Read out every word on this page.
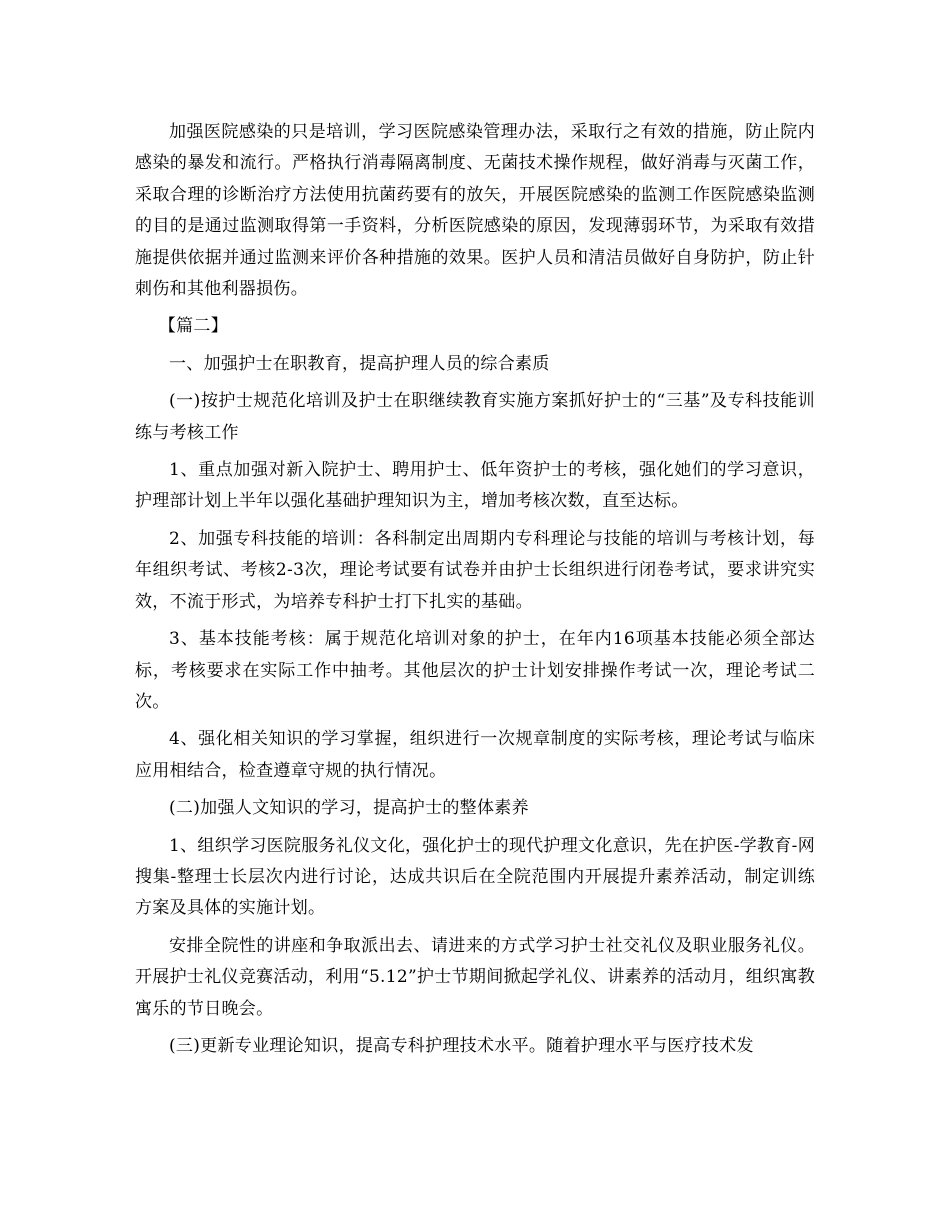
加强医院感染的只是培训，学习医院感染管理办法，采取行之有效的措施，防止院内感染的暴发和流行。严格执行消毒隔离制度、无菌技术操作规程，做好消毒与灭菌工作，采取合理的诊断治疗方法使用抗菌药要有的放矢，开展医院感染的监测工作医院感染监测的目的是通过监测取得第一手资料，分析医院感染的原因，发现薄弱环节，为采取有效措施提供依据并通过监测来评价各种措施的效果。医护人员和清洁员做好自身防护，防止针刺伤和其他利器损伤。

【篇二】

一、加强护士在职教育，提高护理人员的综合素质

(一)按护士规范化培训及护士在职继续教育实施方案抓好护士的“三基”及专科技能训练与考核工作

1、重点加强对新入院护士、聘用护士、低年资护士的考核，强化她们的学习意识，护理部计划上半年以强化基础护理知识为主，增加考核次数，直至达标。

2、加强专科技能的培训：各科制定出周期内专科理论与技能的培训与考核计划，每年组织考试、考核2-3次，理论考试要有试卷并由护士长组织进行闭卷考试，要求讲究实效，不流于形式，为培养专科护士打下扎实的基础。

3、基本技能考核：属于规范化培训对象的护士，在年内16项基本技能必须全部达标，考核要求在实际工作中抽考。其他层次的护士计划安排操作考试一次，理论考试二次。

4、强化相关知识的学习掌握，组织进行一次规章制度的实际考核，理论考试与临床应用相结合，检查遵章守规的执行情况。

(二)加强人文知识的学习，提高护士的整体素养

1、组织学习医院服务礼仪文化，强化护士的现代护理文化意识，先在护医-学教育-网搜集-整理士长层次内进行讨论，达成共识后在全院范围内开展提升素养活动，制定训练方案及具体的实施计划。

安排全院性的讲座和争取派出去、请进来的方式学习护士社交礼仪及职业服务礼仪。开展护士礼仪竞赛活动，利用“5.12”护士节期间掀起学礼仪、讲素养的活动月，组织寓教寓乐的节日晚会。

(三)更新专业理论知识，提高专科护理技术水平。随着护理水平与医疗技术发
